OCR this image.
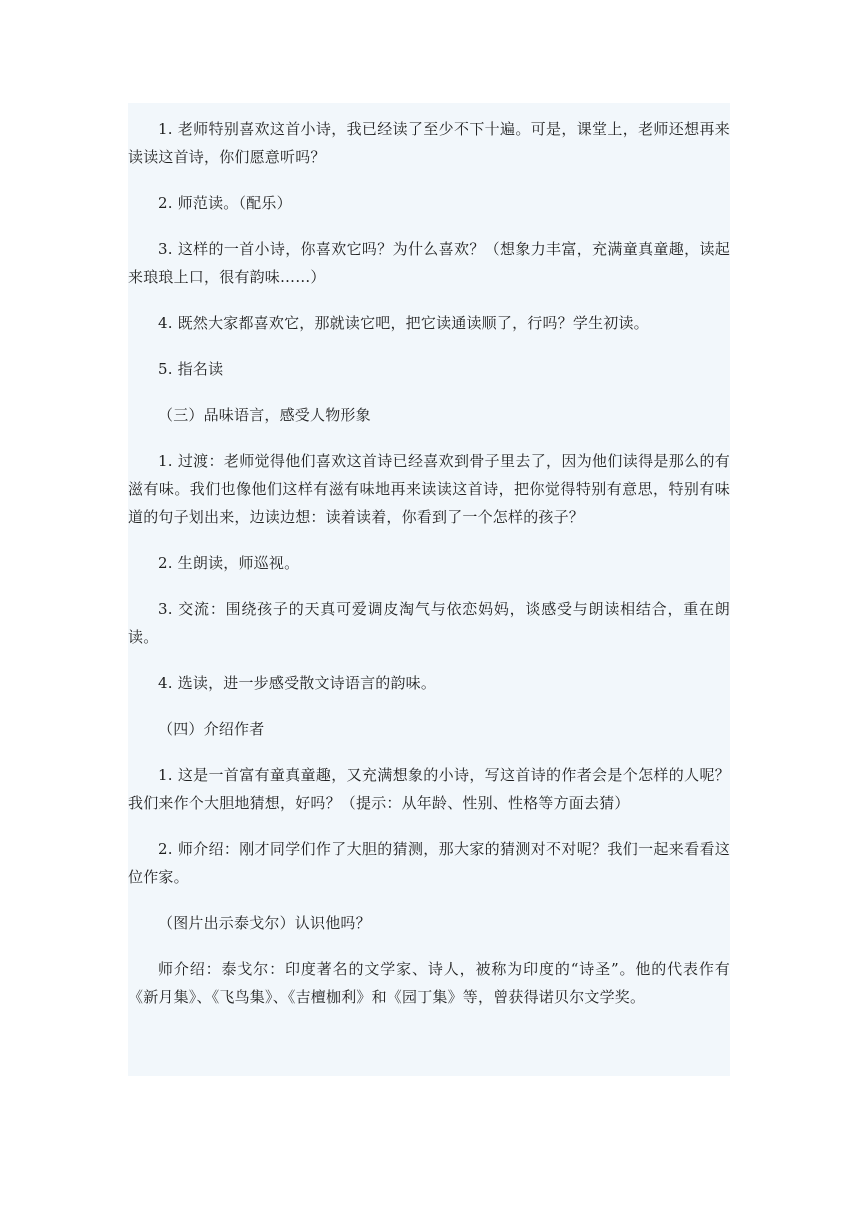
1. 老师特别喜欢这首小诗，我已经读了至少不下十遍。可是，课堂上，老师还想再来读读这首诗，你们愿意听吗？

2. 师范读。（配乐）

3. 这样的一首小诗，你喜欢它吗？为什么喜欢？（想象力丰富，充满童真童趣，读起来琅琅上口，很有韵味……）

4. 既然大家都喜欢它，那就读它吧，把它读通读顺了，行吗？学生初读。

5. 指名读

（三）品味语言，感受人物形象

1. 过渡：老师觉得他们喜欢这首诗已经喜欢到骨子里去了，因为他们读得是那么的有滋有味。我们也像他们这样有滋有味地再来读读这首诗，把你觉得特别有意思，特别有味道的句子划出来，边读边想：读着读着，你看到了一个怎样的孩子？

2. 生朗读，师巡视。

3. 交流：围绕孩子的天真可爱调皮淘气与依恋妈妈，谈感受与朗读相结合，重在朗读。

4. 选读，进一步感受散文诗语言的韵味。

（四）介绍作者

1. 这是一首富有童真童趣，又充满想象的小诗，写这首诗的作者会是个怎样的人呢？我们来作个大胆地猜想，好吗？（提示：从年龄、性别、性格等方面去猜）

2. 师介绍：刚才同学们作了大胆的猜测，那大家的猜测对不对呢？我们一起来看看这位作家。

（图片出示泰戈尔）认识他吗？

师介绍：泰戈尔：印度著名的文学家、诗人，被称为印度的“诗圣”。他的代表作有《新月集》、《飞鸟集》、《吉檀枷利》和《园丁集》等，曾获得诺贝尔文学奖。
